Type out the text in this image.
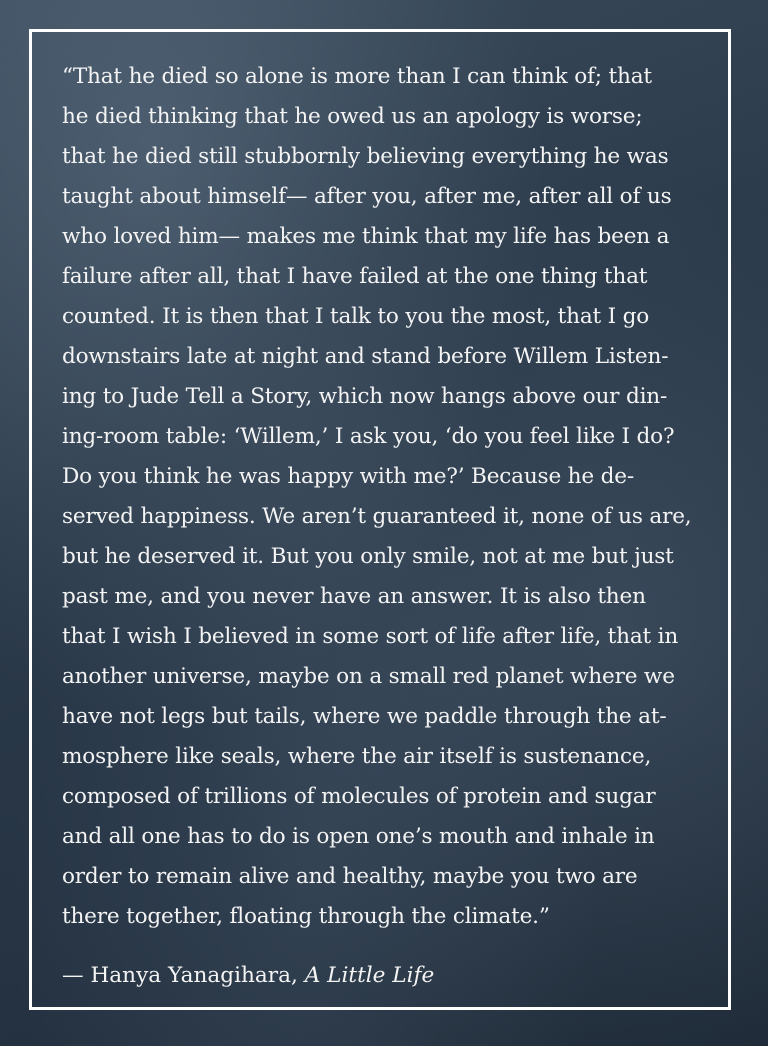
“That he died so alone is more than I can think of; that
he died thinking that he owed us an apology is worse;
that he died still stubbornly believing everything he was
taught about himself— after you, after me, after all of us
who loved him— makes me think that my life has been a
failure after all, that I have failed at the one thing that
counted. It is then that I talk to you the most, that I go
downstairs late at night and stand before Willem Listen-
ing to Jude Tell a Story, which now hangs above our din-
ing-room table: ‘Willem,’ I ask you, ‘do you feel like I do?
Do you think he was happy with me?’ Because he de-
served happiness. We aren’t guaranteed it, none of us are,
but he deserved it. But you only smile, not at me but just
past me, and you never have an answer. It is also then
that I wish I believed in some sort of life after life, that in
another universe, maybe on a small red planet where we
have not legs but tails, where we paddle through the at-
mosphere like seals, where the air itself is sustenance,
composed of trillions of molecules of protein and sugar
and all one has to do is open one’s mouth and inhale in
order to remain alive and healthy, maybe you two are
there together, floating through the climate.”

— Hanya Yanagihara, A Little Life
